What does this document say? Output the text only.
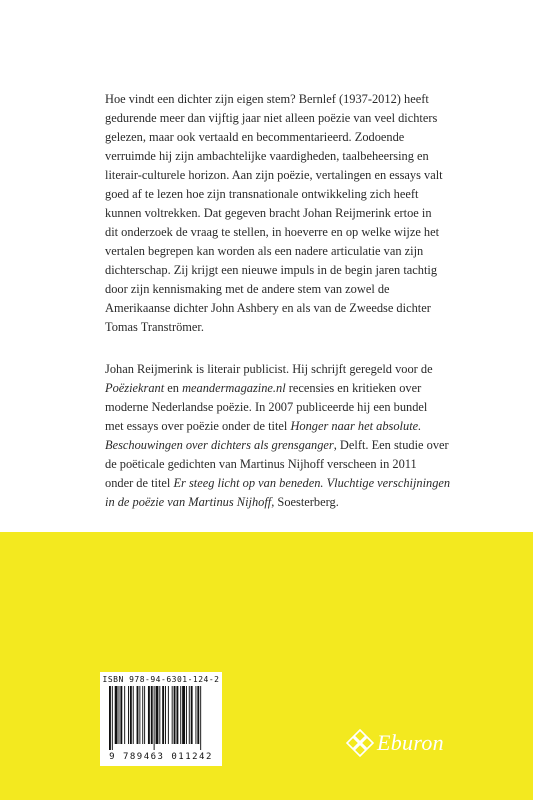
Hoe vindt een dichter zijn eigen stem? Bernlef (1937-2012) heeft
gedurende meer dan vijftig jaar niet alleen poëzie van veel dichters
gelezen, maar ook vertaald en becommentarieerd. Zodoende
verruimde hij zijn ambachtelijke vaardigheden, taalbeheersing en
literair-culturele horizon. Aan zijn poëzie, vertalingen en essays valt
goed af te lezen hoe zijn transnationale ontwikkeling zich heeft
kunnen voltrekken. Dat gegeven bracht Johan Reijmerink ertoe in
dit onderzoek de vraag te stellen, in hoeverre en op welke wijze het
vertalen begrepen kan worden als een nadere articulatie van zijn
dichterschap. Zij krijgt een nieuwe impuls in de begin jaren tachtig
door zijn kennismaking met de andere stem van zowel de
Amerikaanse dichter John Ashbery en als van de Zweedse dichter
Tomas Tranströmer.

Johan Reijmerink is literair publicist. Hij schrijft geregeld voor de
Poëziekrant en meandermagazine.nl recensies en kritieken over
moderne Nederlandse poëzie. In 2007 publiceerde hij een bundel
met essays over poëzie onder de titel Honger naar het absolute.
Beschouwingen over dichters als grensganger, Delft. Een studie over
de poëticale gedichten van Martinus Nijhoff verscheen in 2011
onder de titel Er steeg licht op van beneden. Vluchtige verschijningen
in de poëzie van Martinus Nijhoff, Soesterberg.

ISBN 978-94-6301-124-2
9 789463 011242
Eburon
